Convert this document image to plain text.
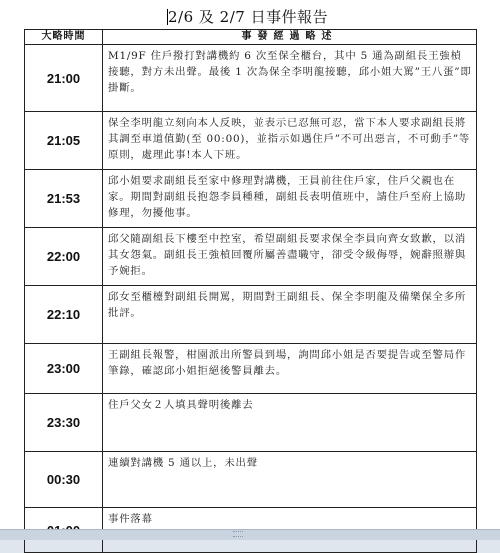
2/6 及 2/7 日事件報告
大略時間	事發經過略述
21:00	M1/9F 住戶撥打對講機約 6 次至保全櫃台，其中 5 通為副組長王強楨接聽，對方未出聲。最後 1 次為保全李明龍接聽，邱小姐大罵”王八蛋”即掛斷。
21:05	保全李明龍立刻向本人反映，並表示已忍無可忍，當下本人要求副組長將其調至車道值勤(至 00:00)，並指示如遇住戶”不可出惡言，不可動手”等原則，處理此事!本人下班。
21:53	邱小姐要求副組長至家中修理對講機，王員前往住戶家，住戶父親也在家。期間對副組長抱怨李員種種，副組長表明值班中，請住戶至府上協助修理，勿擾他事。
22:00	邱父隨副組長下樓至中控室，希望副組長要求保全李員向齊女致歉，以消其女怨氣。副組長王強楨回覆所屬善盡職守，卻受令級侮辱，婉辭照辦與予婉拒。
22:10	邱女至櫃檯對副組長開罵，期間對王副組長、保全李明龍及備樂保全多所批評。
23:00	王副組長報警，柑園派出所警員到場，詢問邱小姐是否要提告或至警局作筆錄，確認邱小姐拒絕後警員離去。
23:30	住戶父女２人填具聲明後離去
00:30	連續對講機 5 通以上，未出聲
	事件落幕
